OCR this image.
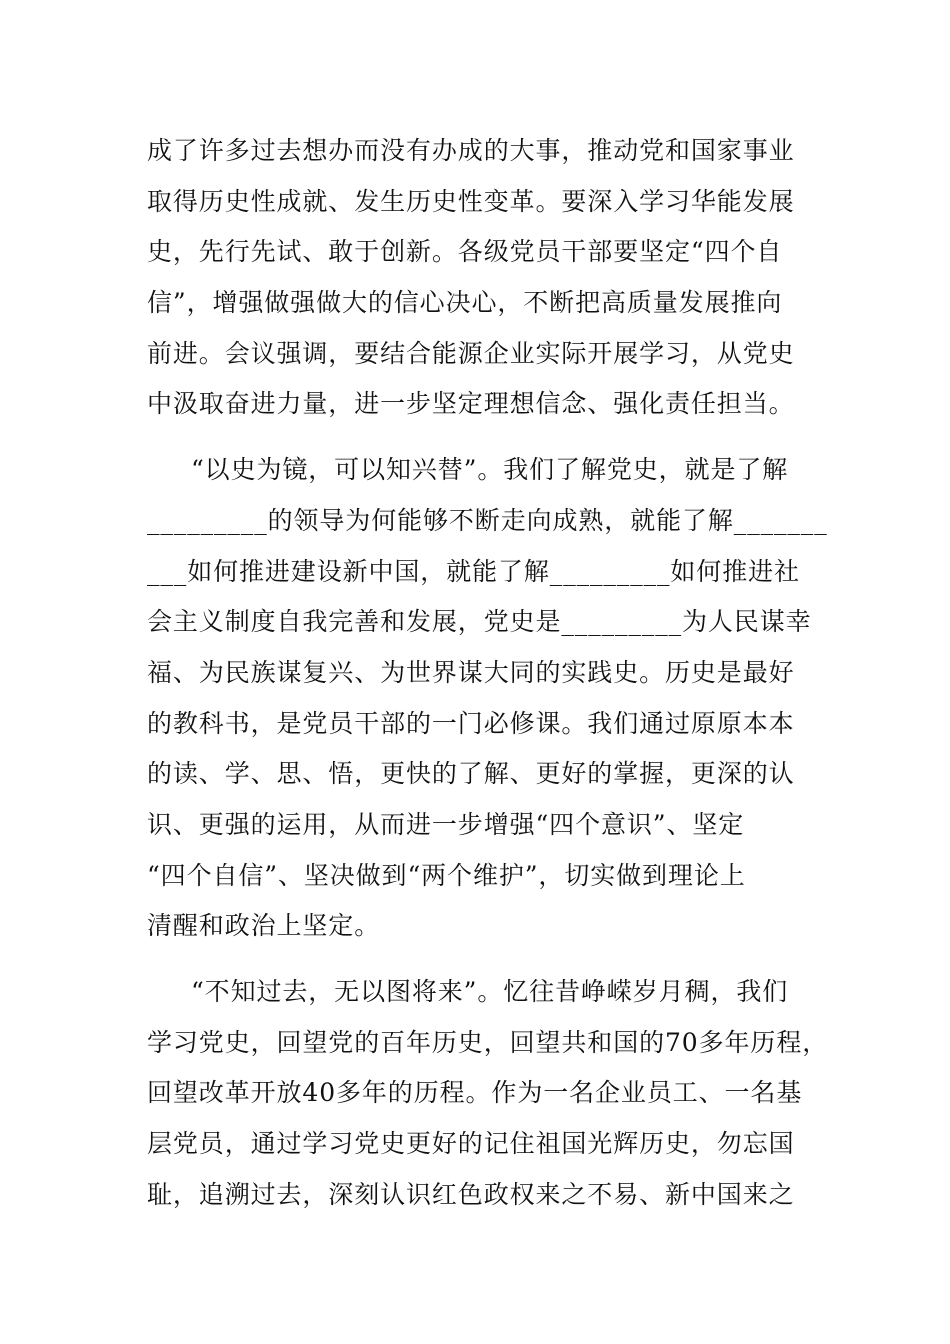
成了许多过去想办而没有办成的大事，推动党和国家事业
取得历史性成就、发生历史性变革。要深入学习华能发展
史，先行先试、敢于创新。各级党员干部要坚定“四个自
信”，增强做强做大的信心决心，不断把高质量发展推向
前进。会议强调，要结合能源企业实际开展学习，从党史
中汲取奋进力量，进一步坚定理想信念、强化责任担当。
“以史为镜，可以知兴替”。我们了解党史，就是了解
_________的领导为何能够不断走向成熟，就能了解_______
___如何推进建设新中国，就能了解_________如何推进社
会主义制度自我完善和发展，党史是_________为人民谋幸
福、为民族谋复兴、为世界谋大同的实践史。历史是最好
的教科书，是党员干部的一门必修课。我们通过原原本本
的读、学、思、悟，更快的了解、更好的掌握，更深的认
识、更强的运用，从而进一步增强“四个意识”、坚定
“四个自信”、坚决做到“两个维护”，切实做到理论上
清醒和政治上坚定。
“不知过去，无以图将来”。忆往昔峥嵘岁月稠，我们
学习党史，回望党的百年历史，回望共和国的70多年历程，
回望改革开放40多年的历程。作为一名企业员工、一名基
层党员，通过学习党史更好的记住祖国光辉历史，勿忘国
耻，追溯过去，深刻认识红色政权来之不易、新中国来之
